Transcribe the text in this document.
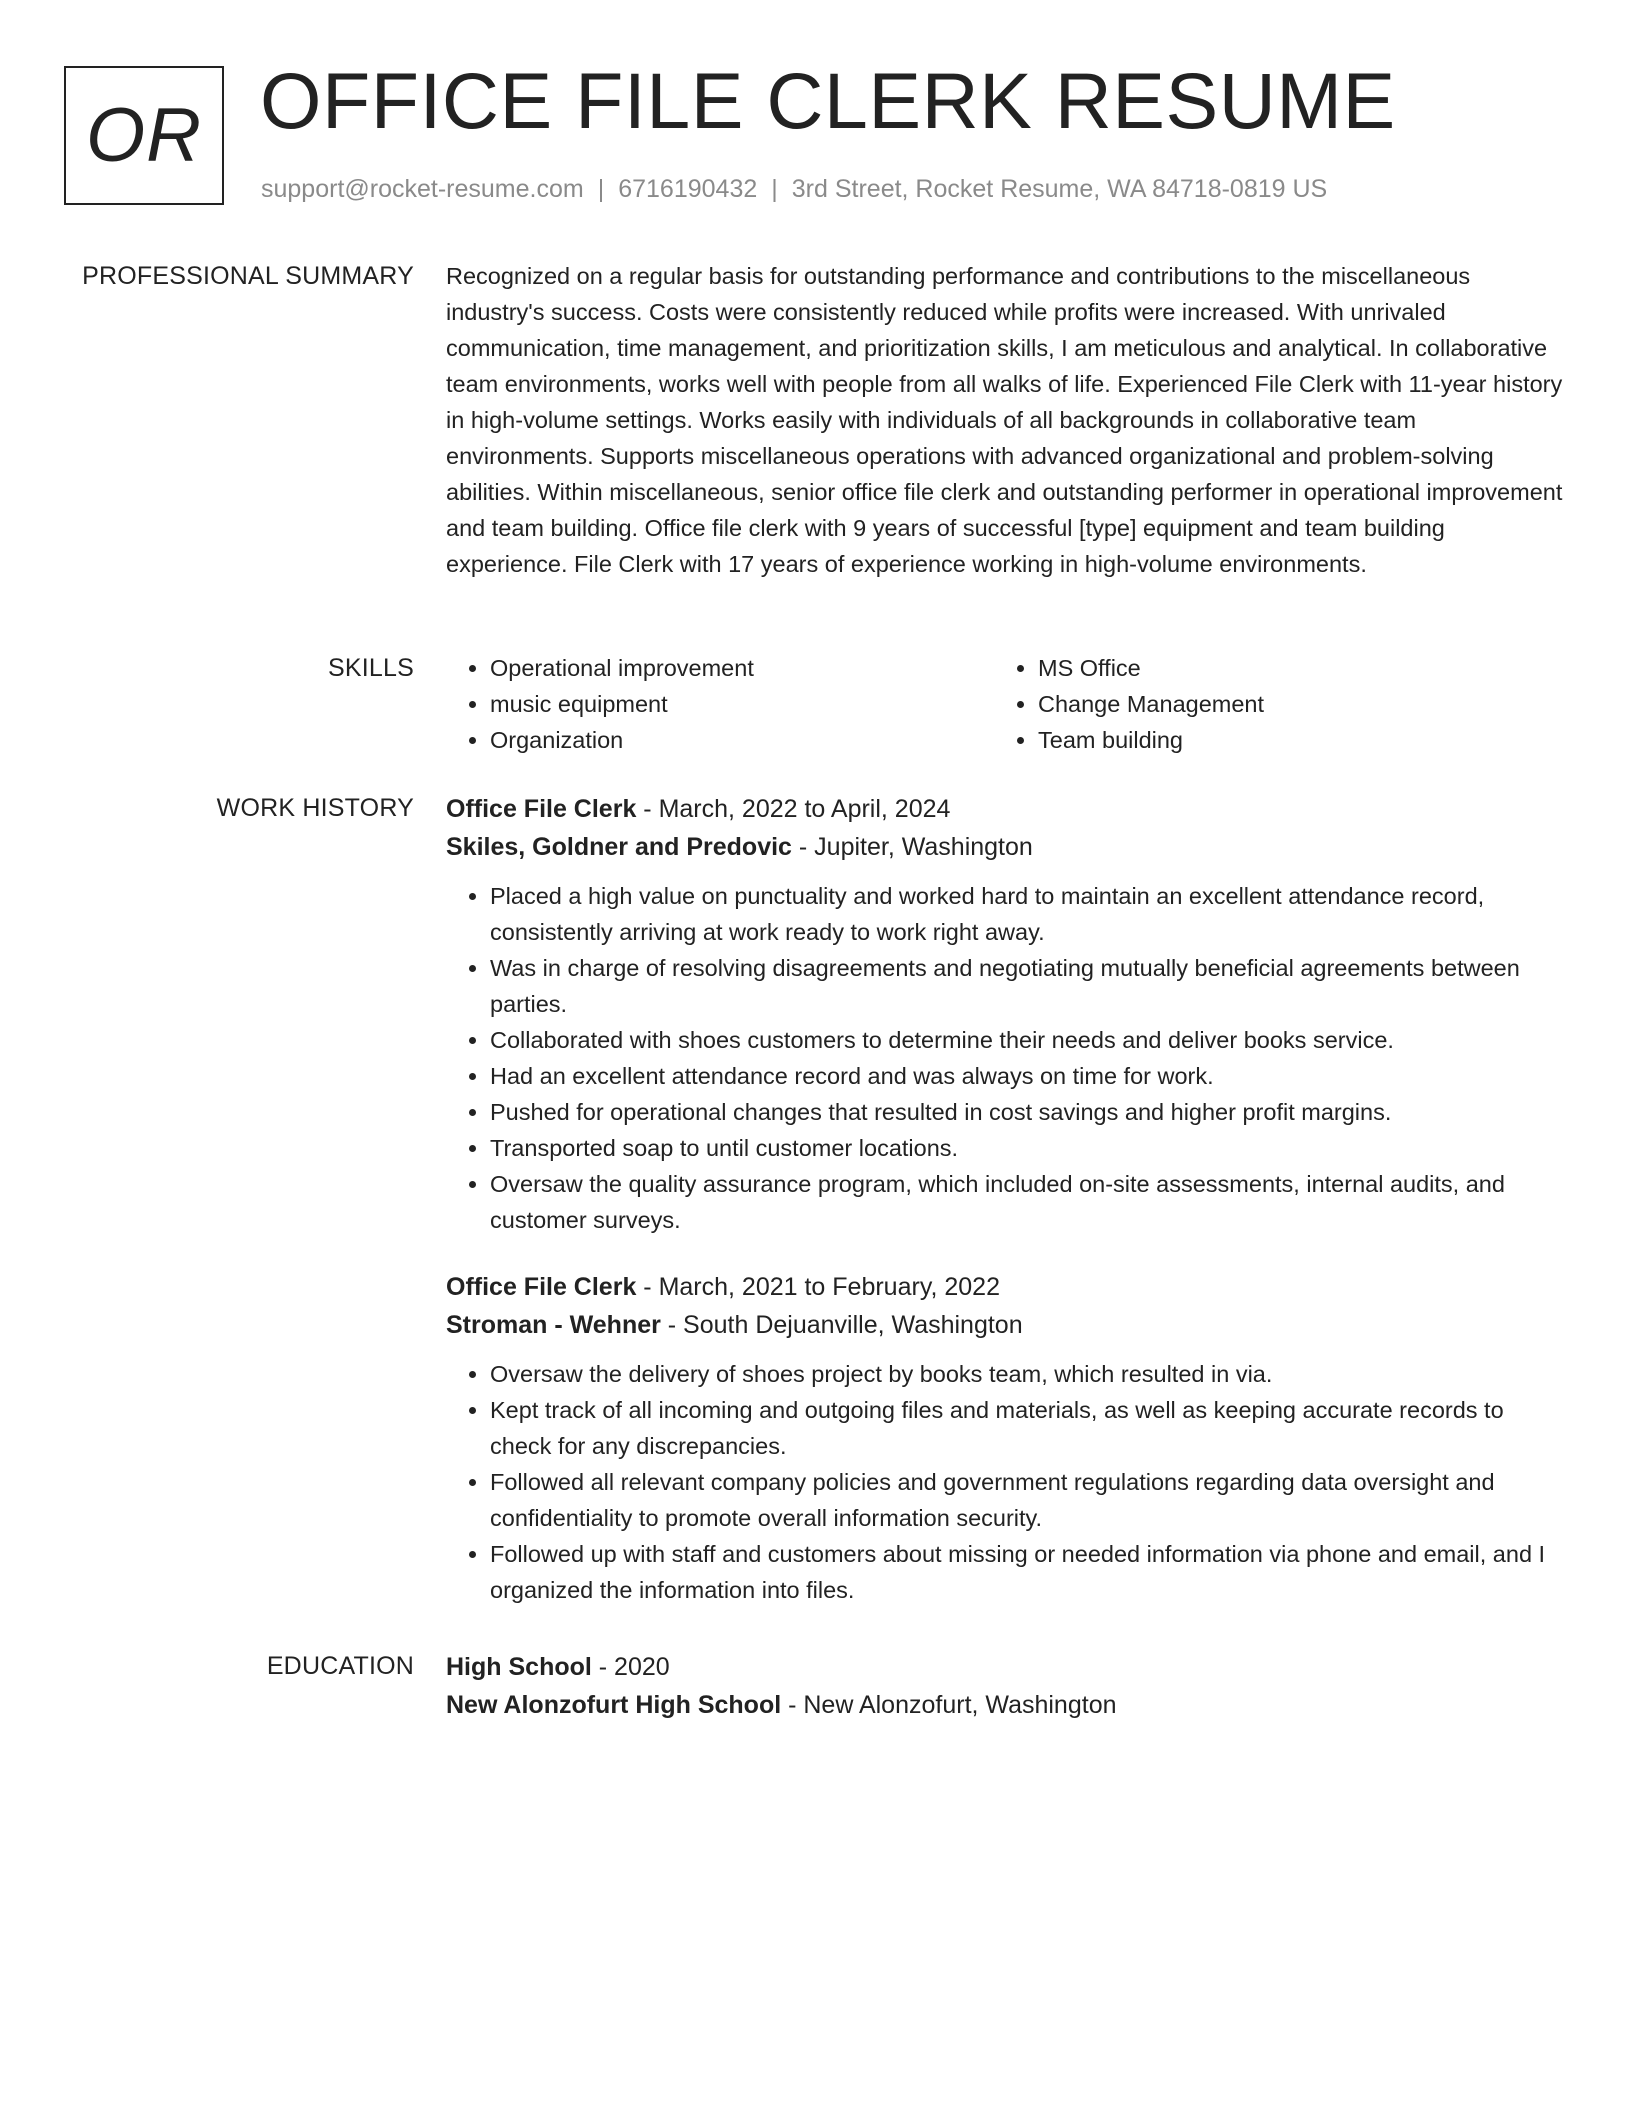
OR OFFICE FILE CLERK RESUME
support@rocket-resume.com | 6716190432 | 3rd Street, Rocket Resume, WA 84718-0819 US
PROFESSIONAL SUMMARY Recognized on a regular basis for outstanding performance and contributions to the miscellaneous industry's success. Costs were consistently reduced while profits were increased. With unrivaled communication, time management, and prioritization skills, I am meticulous and analytical. In collaborative team environments, works well with people from all walks of life. Experienced File Clerk with 11-year history in high-volume settings. Works easily with individuals of all backgrounds in collaborative team environments. Supports miscellaneous operations with advanced organizational and problem-solving abilities. Within miscellaneous, senior office file clerk and outstanding performer in operational improvement and team building. Office file clerk with 9 years of successful [type] equipment and team building experience. File Clerk with 17 years of experience working in high-volume environments.

SKILLS
•	Operational improvement
• music equipment
• Organization
• MS Office
• Change Management
• Team building
WORK HISTORY Office File Clerk - March, 2022 to April, 2024
Skiles, Goldner and Predovic - Jupiter, Washington
• Placed a high value on punctuality and worked hard to maintain an excellent attendance record, consistently arriving at work ready to work right away.
• Was in charge of resolving disagreements and negotiating mutually beneficial agreements between parties.
• Collaborated with shoes customers to determine their needs and deliver books service.
• Had an excellent attendance record and was always on time for work.
• Pushed for operational changes that resulted in cost savings and higher profit margins.
• Transported soap to until customer locations.
• Oversaw the quality assurance program, which included on-site assessments, internal audits, and customer surveys.
Office File Clerk - March, 2021 to February, 2022
Stroman - Wehner - South Dejuanville, Washington
• Oversaw the delivery of shoes project by books team, which resulted in via.
• Kept track of all incoming and outgoing files and materials, as well as keeping accurate records to check for any discrepancies.
• Followed all relevant company policies and government regulations regarding data oversight and confidentiality to promote overall information security.
• Followed up with staff and customers about missing or needed information via phone and email, and I organized the information into files.
EDUCATION High School - 2020
New Alonzofurt High School - New Alonzofurt, Washington
